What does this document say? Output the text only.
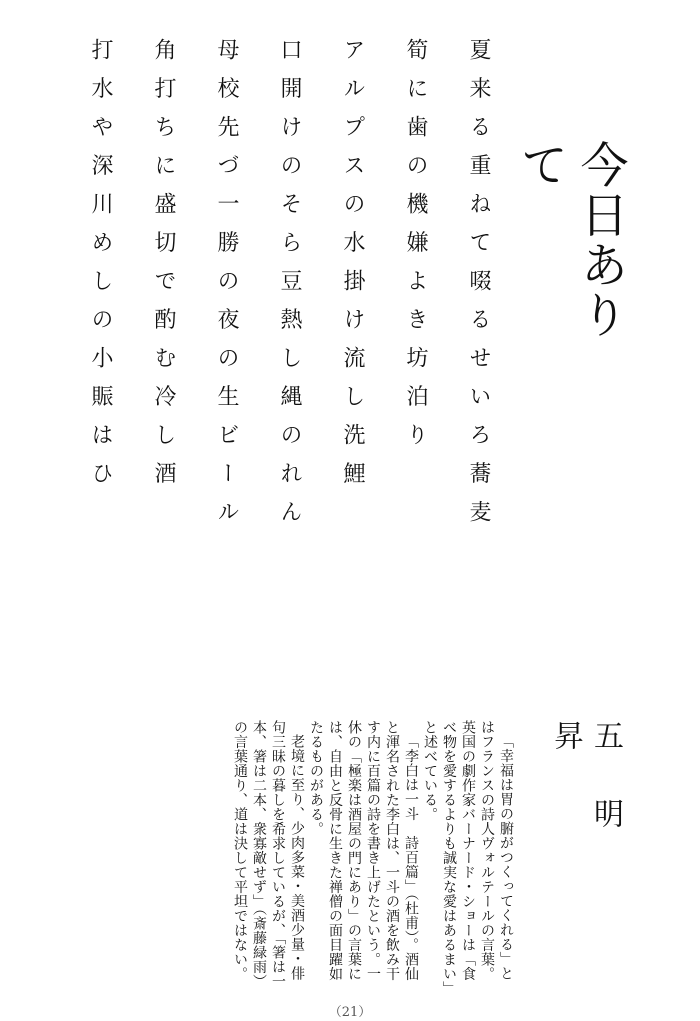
今日ありて
夏来る重ねて啜るせいろ蕎麦
筍に歯の機嫌よき坊泊り
アルプスの水掛け流し洗鯉
口開けのそら豆熱し縄のれん
母校先づ一勝の夜の生ビール
角打ちに盛切で酌む冷し酒
打水や深川めしの小賑はひ
五明昇

「幸福は胃の腑がつくってくれる」とはフランスの詩人ヴォルテールの言葉。英国の劇作家バーナード・ショーは「食べ物を愛するよりも誠実な愛はあるまい」と述べている。

「李白は一斗　詩百篇」（杜甫）。酒仙と渾名された李白は、一斗の酒を飲み干す内に百篇の詩を書き上げたという。一休の「極楽は酒屋の門にあり」の言葉には、自由と反骨に生きた禅僧の面目躍如たるものがある。

老境に至り、少肉多菜・美酒少量・俳句三昧の暮しを希求しているが、「箸は一本、箸は二本、衆寡敵せず」（斎藤緑雨）の言葉通り、道は決して平坦ではない。

（21）
